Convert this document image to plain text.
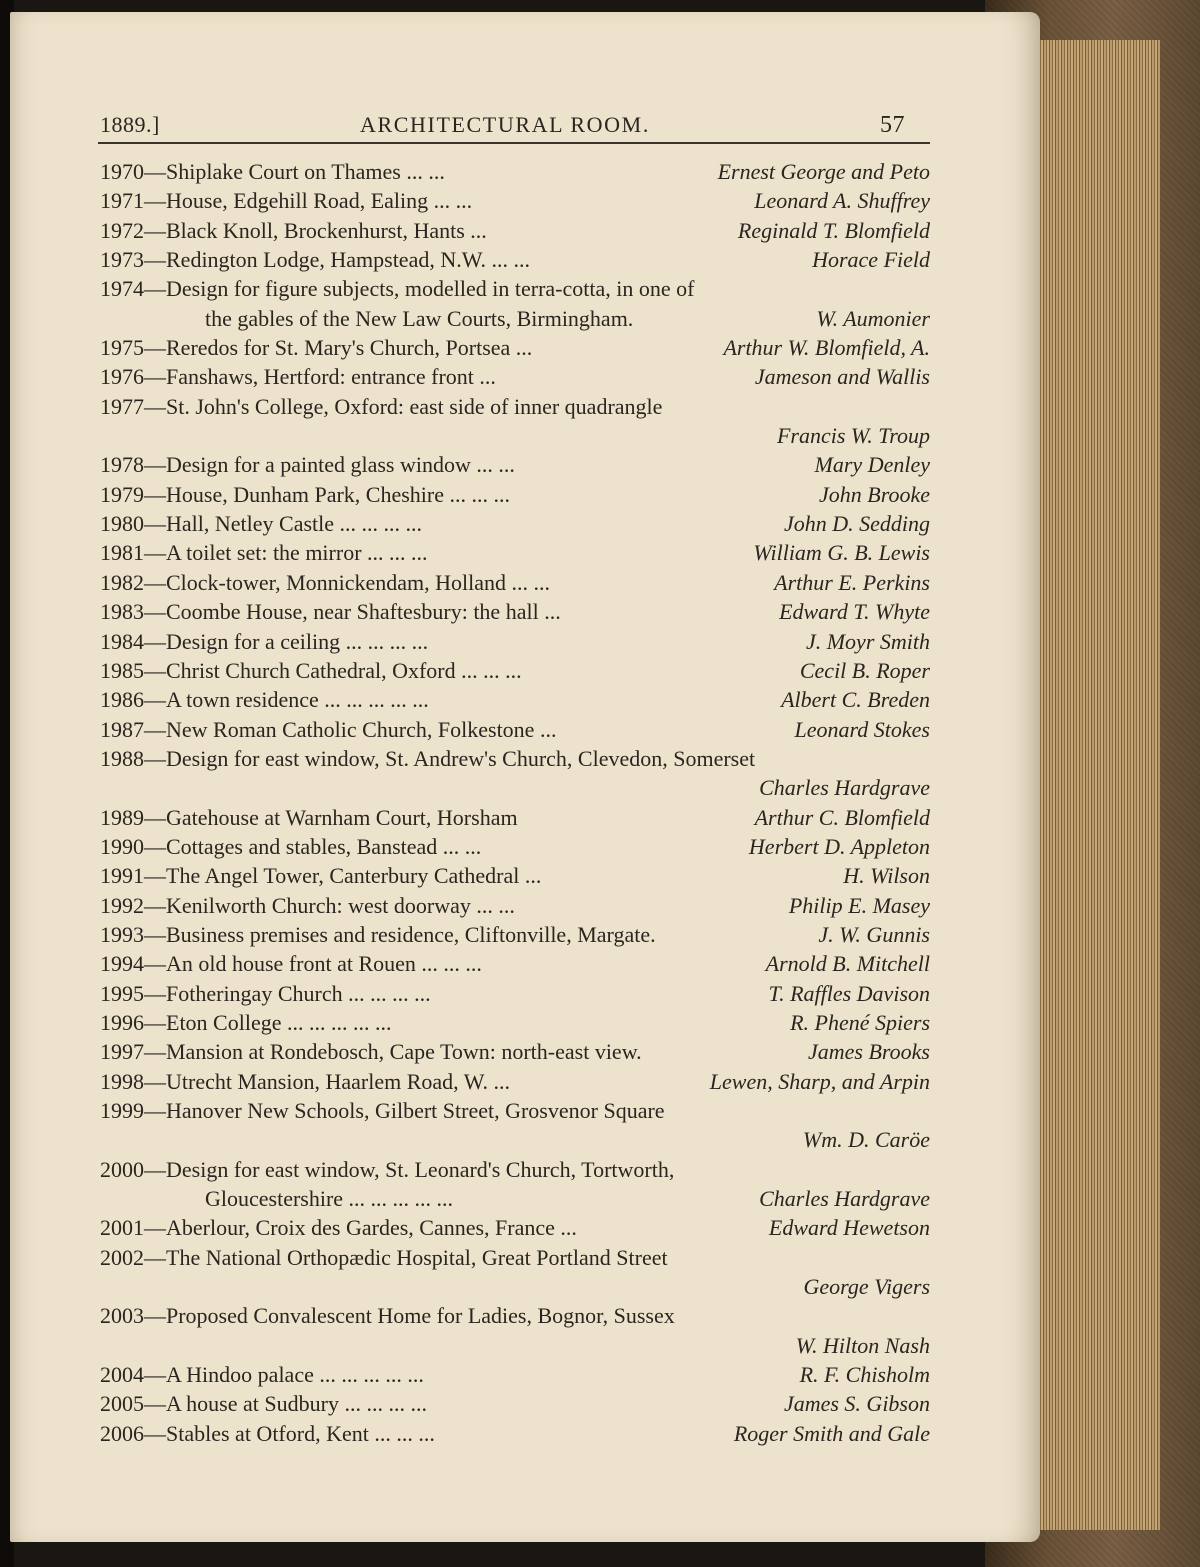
1889.]	ARCHITECTURAL ROOM.	57
1970—Shiplake Court on Thames ... ...	Ernest George and Peto
1971—House, Edgehill Road, Ealing ... ...	Leonard A. Shuffrey
1972—Black Knoll, Brockenhurst, Hants ...	Reginald T. Blomfield
1973—Redington Lodge, Hampstead, N.W. ... ...	Horace Field
1974—Design for figure subjects, modelled in terra-cotta, in one of
the gables of the New Law Courts, Birmingham.	W. Aumonier
1975—Reredos for St. Mary's Church, Portsea ...	Arthur W. Blomfield, A.
1976—Fanshaws, Hertford: entrance front ...	Jameson and Wallis
1977—St. John's College, Oxford: east side of inner quadrangle
Francis W. Troup
1978—Design for a painted glass window ... ...	Mary Denley
1979—House, Dunham Park, Cheshire ... ... ...	John Brooke
1980—Hall, Netley Castle ... ... ... ...	John D. Sedding
1981—A toilet set: the mirror ... ... ...	William G. B. Lewis
1982—Clock-tower, Monnickendam, Holland ... ...	Arthur E. Perkins
1983—Coombe House, near Shaftesbury: the hall ...	Edward T. Whyte
1984—Design for a ceiling ... ... ... ...	J. Moyr Smith
1985—Christ Church Cathedral, Oxford ... ... ...	Cecil B. Roper
1986—A town residence ... ... ... ... ...	Albert C. Breden
1987—New Roman Catholic Church, Folkestone ...	Leonard Stokes
1988—Design for east window, St. Andrew's Church, Clevedon, Somerset
Charles Hardgrave
1989—Gatehouse at Warnham Court, Horsham	Arthur C. Blomfield
1990—Cottages and stables, Banstead ... ...	Herbert D. Appleton
1991—The Angel Tower, Canterbury Cathedral ...	H. Wilson
1992—Kenilworth Church: west doorway ... ...	Philip E. Masey
1993—Business premises and residence, Cliftonville, Margate.	J. W. Gunnis
1994—An old house front at Rouen ... ... ...	Arnold B. Mitchell
1995—Fotheringay Church ... ... ... ...	T. Raffles Davison
1996—Eton College ... ... ... ... ...	R. Phené Spiers
1997—Mansion at Rondebosch, Cape Town: north-east view.	James Brooks
1998—Utrecht Mansion, Haarlem Road, W. ...	Lewen, Sharp, and Arpin
1999—Hanover New Schools, Gilbert Street, Grosvenor Square
Wm. D. Caröe
2000—Design for east window, St. Leonard's Church, Tortworth,
Gloucestershire ... ... ... ... ...	Charles Hardgrave
2001—Aberlour, Croix des Gardes, Cannes, France ...	Edward Hewetson
2002—The National Orthopædic Hospital, Great Portland Street
George Vigers
2003—Proposed Convalescent Home for Ladies, Bognor, Sussex
W. Hilton Nash
2004—A Hindoo palace ... ... ... ... ...	R. F. Chisholm
2005—A house at Sudbury ... ... ... ...	James S. Gibson
2006—Stables at Otford, Kent ... ... ...	Roger Smith and Gale
